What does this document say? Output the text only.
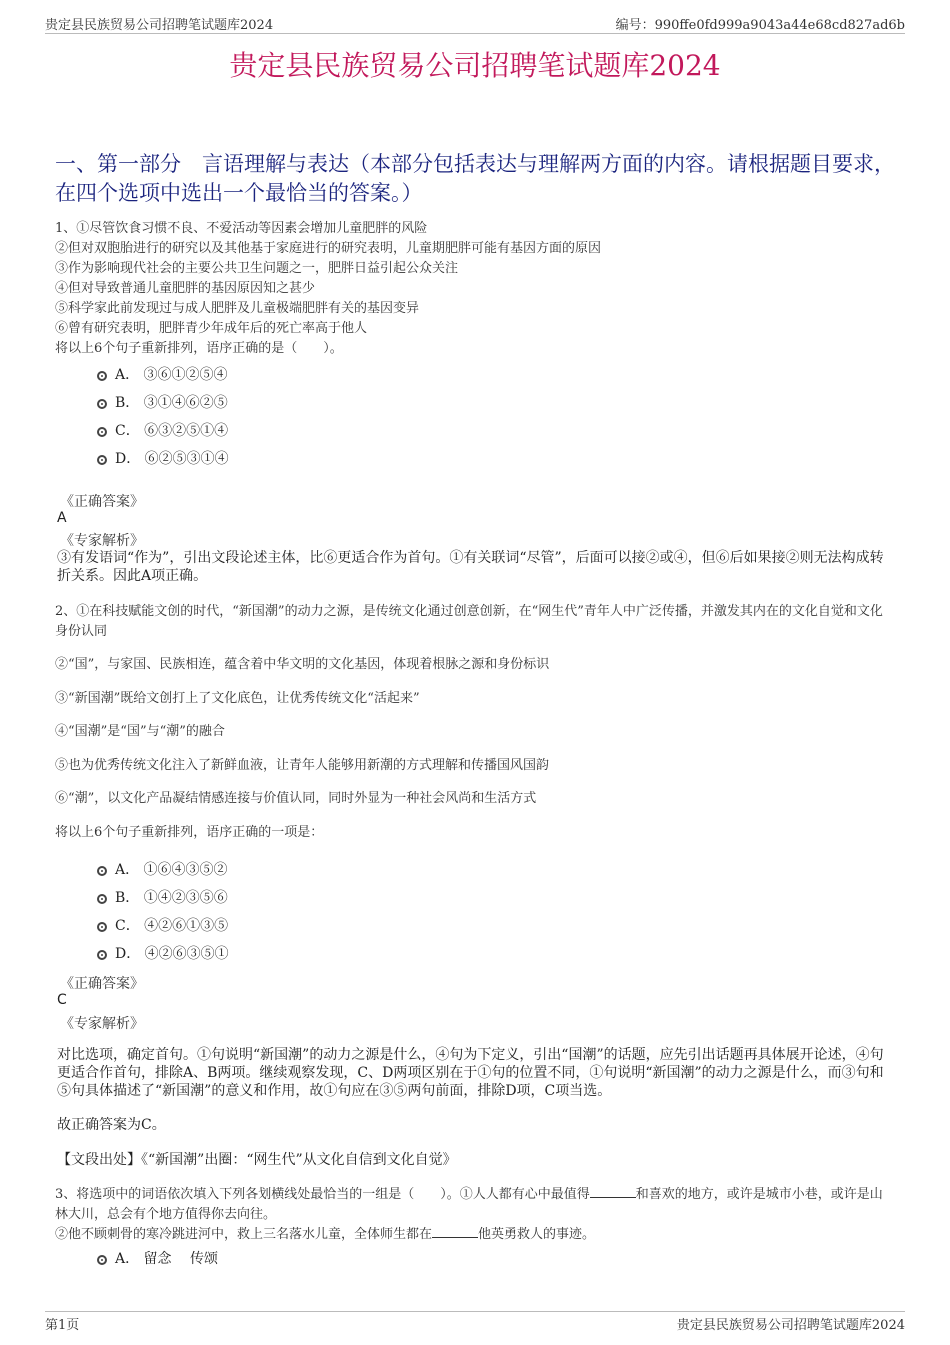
贵定县民族贸易公司招聘笔试题库2024	编号：990ffe0fd999a9043a44e68cd827ad6b
贵定县民族贸易公司招聘笔试题库2024
一、第一部分　言语理解与表达（本部分包括表达与理解两方面的内容。请根据题目要求，在四个选项中选出一个最恰当的答案。）
1、①尽管饮食习惯不良、不爱活动等因素会增加儿童肥胖的风险
②但对双胞胎进行的研究以及其他基于家庭进行的研究表明，儿童期肥胖可能有基因方面的原因
③作为影响现代社会的主要公共卫生问题之一，肥胖日益引起公众关注
④但对导致普通儿童肥胖的基因原因知之甚少
⑤科学家此前发现过与成人肥胖及儿童极端肥胖有关的基因变异
⑥曾有研究表明，肥胖青少年成年后的死亡率高于他人
将以上6个句子重新排列，语序正确的是（　　）。
A． ③⑥①②⑤④
B． ③①④⑥②⑤
C． ⑥③②⑤①④
D． ⑥②⑤③①④
《正确答案》
A
《专家解析》
③有发语词“作为”，引出文段论述主体，比⑥更适合作为首句。①有关联词“尽管”，后面可以接②或④，但⑥后如果接②则无法构成转折关系。因此A项正确。
2、①在科技赋能文创的时代，“新国潮”的动力之源，是传统文化通过创意创新，在“网生代”青年人中广泛传播，并激发其内在的文化自觉和文化身份认同
②“国”，与家国、民族相连，蕴含着中华文明的文化基因，体现着根脉之源和身份标识
③“新国潮”既给文创打上了文化底色，让优秀传统文化“活起来”
④“国潮”是“国”与“潮”的融合
⑤也为优秀传统文化注入了新鲜血液，让青年人能够用新潮的方式理解和传播国风国韵
⑥“潮”，以文化产品凝结情感连接与价值认同，同时外显为一种社会风尚和生活方式
将以上6个句子重新排列，语序正确的一项是：
A． ①⑥④③⑤②
B． ①④②③⑤⑥
C． ④②⑥①③⑤
D． ④②⑥③⑤①
《正确答案》
C
《专家解析》
对比选项，确定首句。①句说明“新国潮”的动力之源是什么，④句为下定义，引出“国潮”的话题，应先引出话题再具体展开论述，④句更适合作首句，排除A、B两项。继续观察发现，C、D两项区别在于①句的位置不同，①句说明“新国潮”的动力之源是什么，而③句和⑤句具体描述了“新国潮”的意义和作用，故①句应在③⑤两句前面，排除D项，C项当选。
故正确答案为C。
【文段出处】《“新国潮”出圈：“网生代”从文化自信到文化自觉》
3、将选项中的词语依次填入下列各划横线处最恰当的一组是（　　）。①人人都有心中最值得	和喜欢的地方，或许是城市小巷，或许是山林大川，总会有个地方值得你去向往。
②他不顾刺骨的寒冷跳进河中，救上三名落水儿童，全体师生都在	他英勇救人的事迹。
A． 留念　 传颂
第1页	贵定县民族贸易公司招聘笔试题库2024
